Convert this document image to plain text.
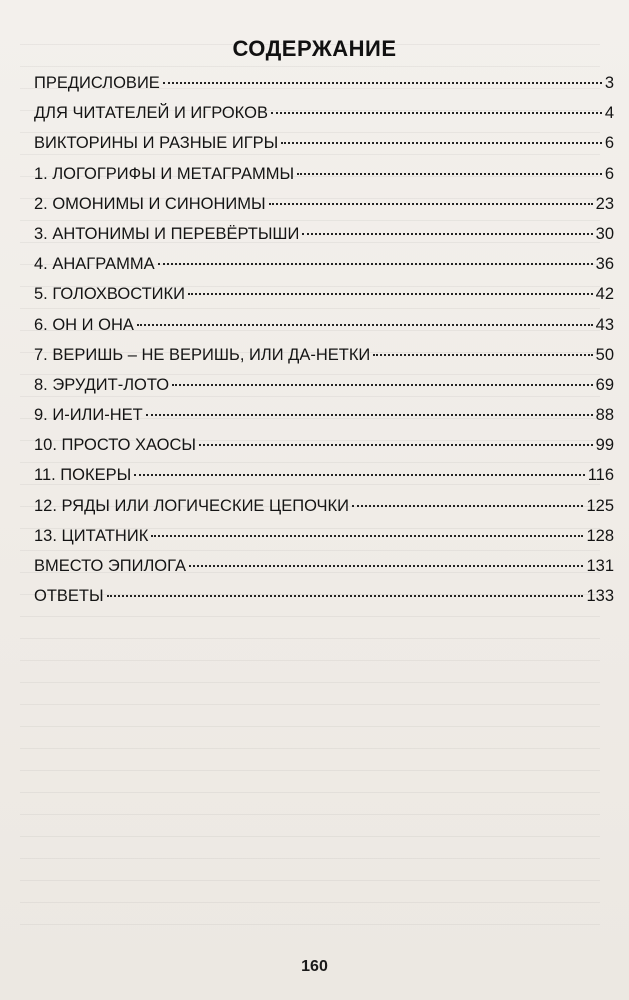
СОДЕРЖАНИЕ
ПРЕДИСЛОВИЕ	3
ДЛЯ ЧИТАТЕЛЕЙ И ИГРОКОВ	4
ВИКТОРИНЫ И РАЗНЫЕ ИГРЫ	6
1. ЛОГОГРИФЫ И МЕТАГРАММЫ	6
2. ОМОНИМЫ И СИНОНИМЫ	23
3. АНТОНИМЫ И ПЕРЕВЁРТЫШИ	30
4. АНАГРАММА	36
5. ГОЛОХВОСТИКИ	42
6. ОН И ОНА	43
7. ВЕРИШЬ – НЕ ВЕРИШЬ, ИЛИ ДА-НЕТКИ	50
8. ЭРУДИТ-ЛОТО	69
9. И-ИЛИ-НЕТ	88
10. ПРОСТО ХАОСЫ	99
11. ПОКЕРЫ	116
12. РЯДЫ ИЛИ ЛОГИЧЕСКИЕ ЦЕПОЧКИ	125
13. ЦИТАТНИК	128
ВМЕСТО ЭПИЛОГА	131
ОТВЕТЫ	133
160
